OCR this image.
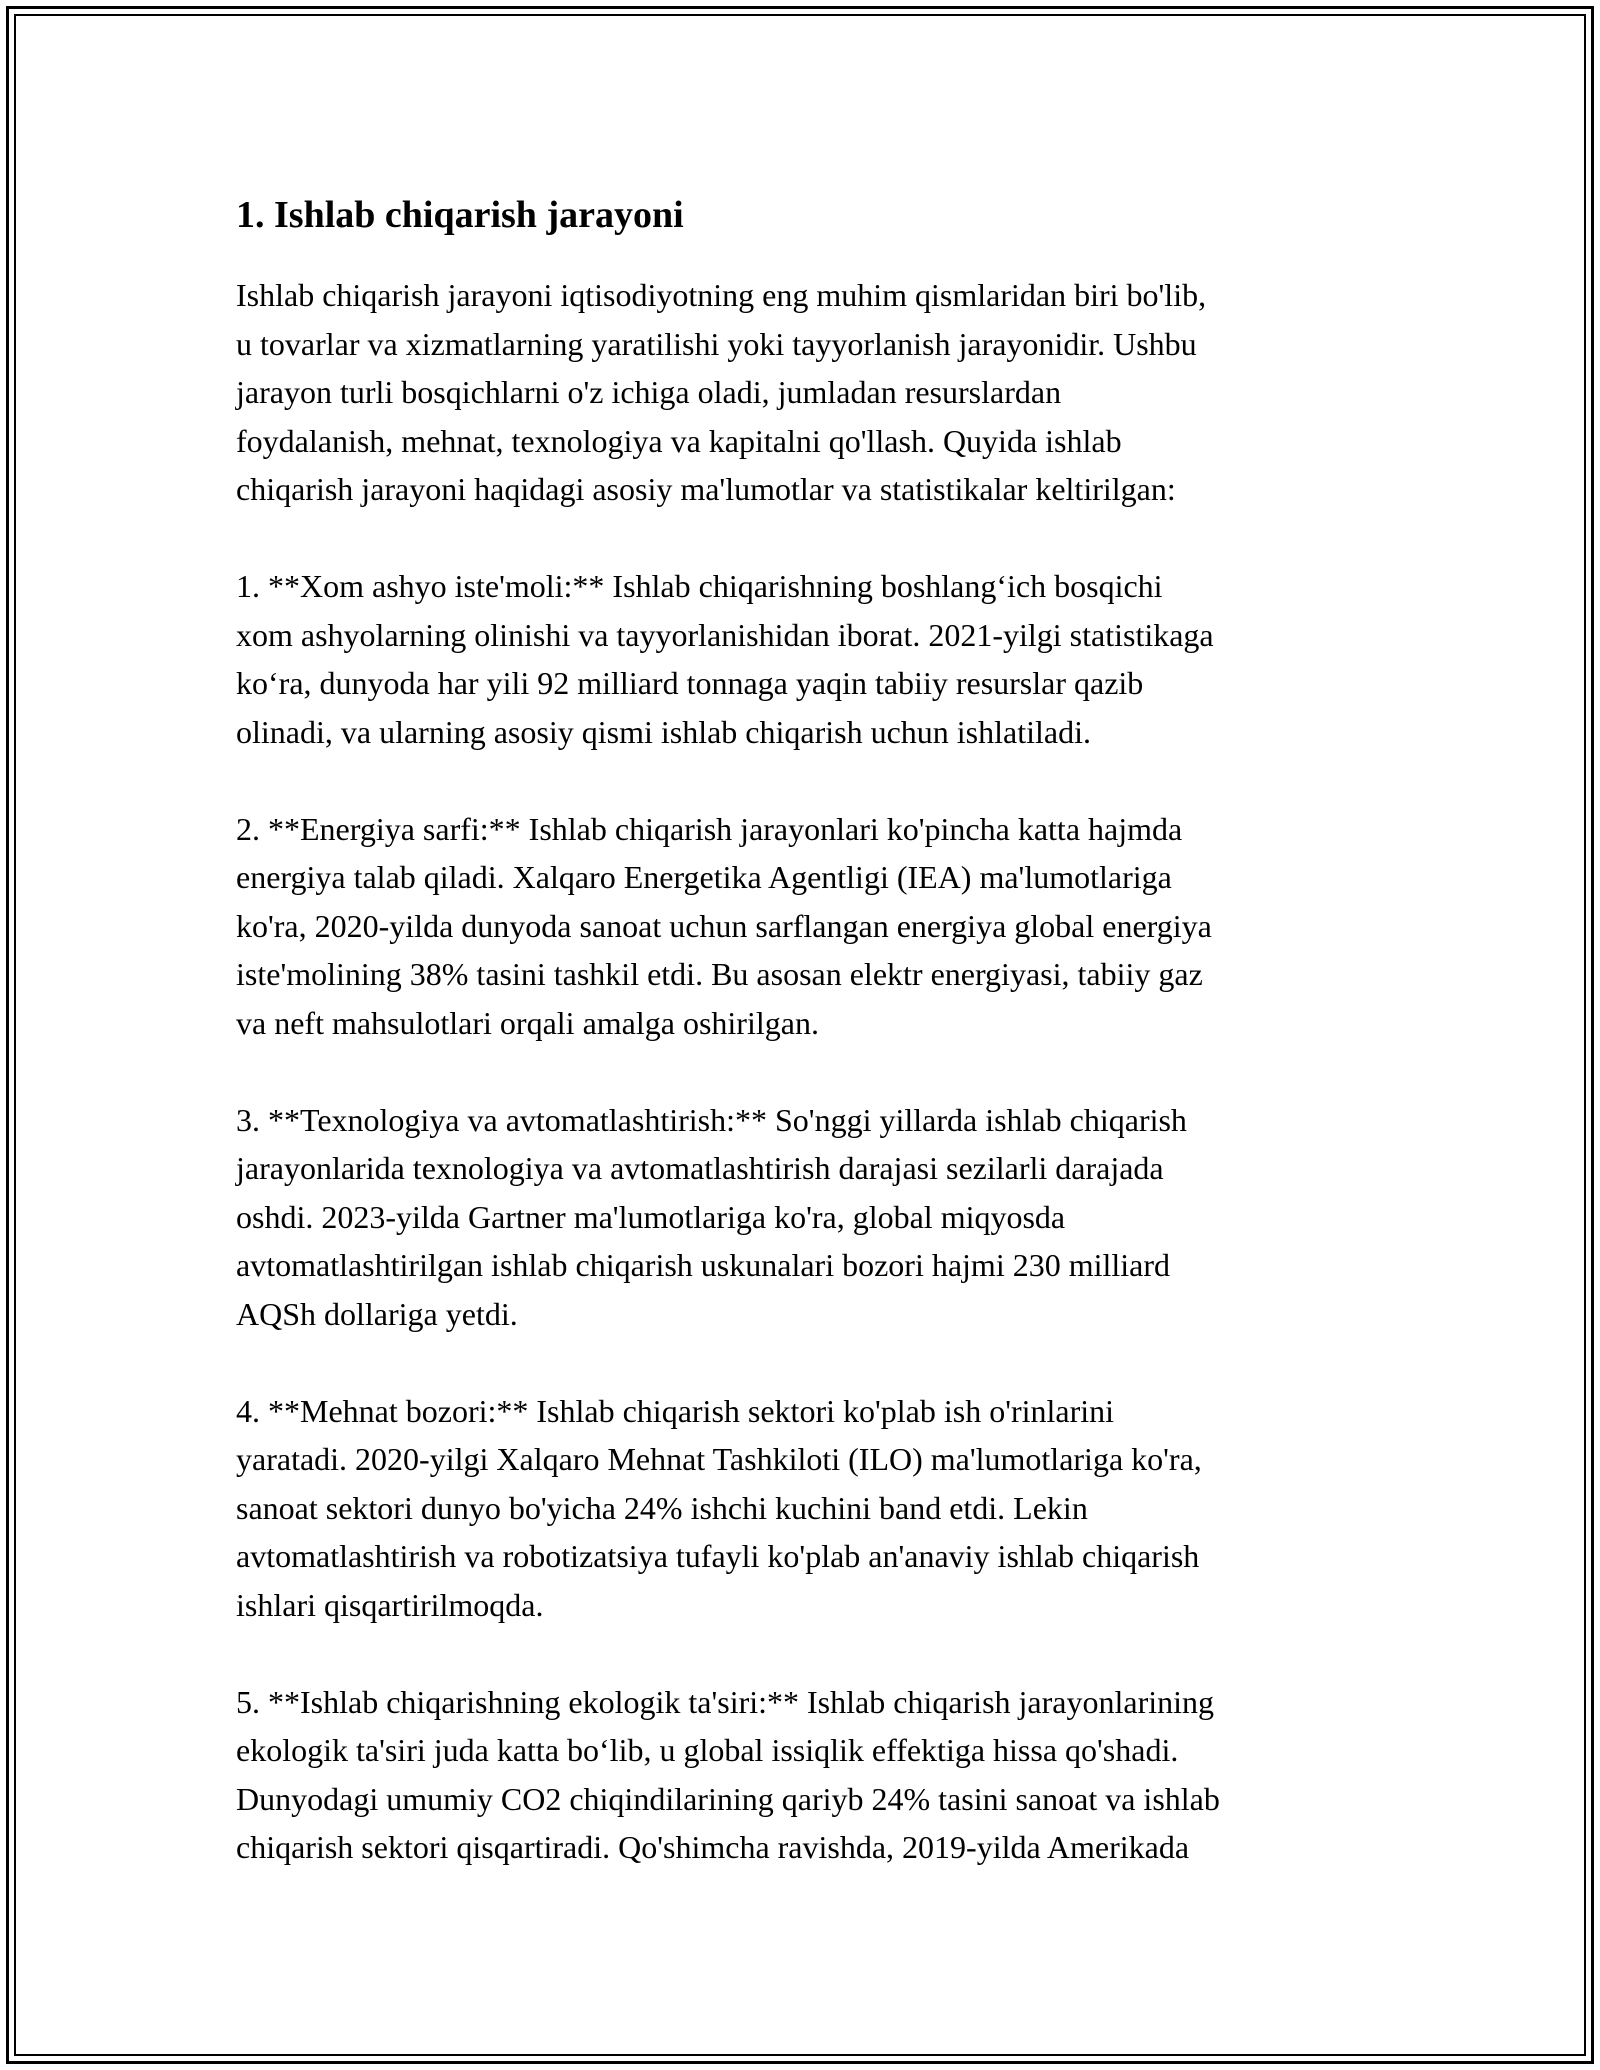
1. Ishlab chiqarish jarayoni

Ishlab chiqarish jarayoni iqtisodiyotning eng muhim qismlaridan biri bo'lib,
u tovarlar va xizmatlarning yaratilishi yoki tayyorlanish jarayonidir. Ushbu
jarayon turli bosqichlarni o'z ichiga oladi, jumladan resurslardan
foydalanish, mehnat, texnologiya va kapitalni qo'llash. Quyida ishlab
chiqarish jarayoni haqidagi asosiy ma'lumotlar va statistikalar keltirilgan:

1. **Xom ashyo iste'moli:** Ishlab chiqarishning boshlang‘ich bosqichi
xom ashyolarning olinishi va tayyorlanishidan iborat. 2021-yilgi statistikaga
ko‘ra, dunyoda har yili 92 milliard tonnaga yaqin tabiiy resurslar qazib
olinadi, va ularning asosiy qismi ishlab chiqarish uchun ishlatiladi.

2. **Energiya sarfi:** Ishlab chiqarish jarayonlari ko'pincha katta hajmda
energiya talab qiladi. Xalqaro Energetika Agentligi (IEA) ma'lumotlariga
ko'ra, 2020-yilda dunyoda sanoat uchun sarflangan energiya global energiya
iste'molining 38% tasini tashkil etdi. Bu asosan elektr energiyasi, tabiiy gaz
va neft mahsulotlari orqali amalga oshirilgan.

3. **Texnologiya va avtomatlashtirish:** So'nggi yillarda ishlab chiqarish
jarayonlarida texnologiya va avtomatlashtirish darajasi sezilarli darajada
oshdi. 2023-yilda Gartner ma'lumotlariga ko'ra, global miqyosda
avtomatlashtirilgan ishlab chiqarish uskunalari bozori hajmi 230 milliard
AQSh dollariga yetdi.

4. **Mehnat bozori:** Ishlab chiqarish sektori ko'plab ish o'rinlarini
yaratadi. 2020-yilgi Xalqaro Mehnat Tashkiloti (ILO) ma'lumotlariga ko'ra,
sanoat sektori dunyo bo'yicha 24% ishchi kuchini band etdi. Lekin
avtomatlashtirish va robotizatsiya tufayli ko'plab an'anaviy ishlab chiqarish
ishlari qisqartirilmoqda.

5. **Ishlab chiqarishning ekologik ta'siri:** Ishlab chiqarish jarayonlarining
ekologik ta'siri juda katta bo‘lib, u global issiqlik effektiga hissa qo'shadi.
Dunyodagi umumiy CO2 chiqindilarining qariyb 24% tasini sanoat va ishlab
chiqarish sektori qisqartiradi. Qo'shimcha ravishda, 2019-yilda Amerikada
